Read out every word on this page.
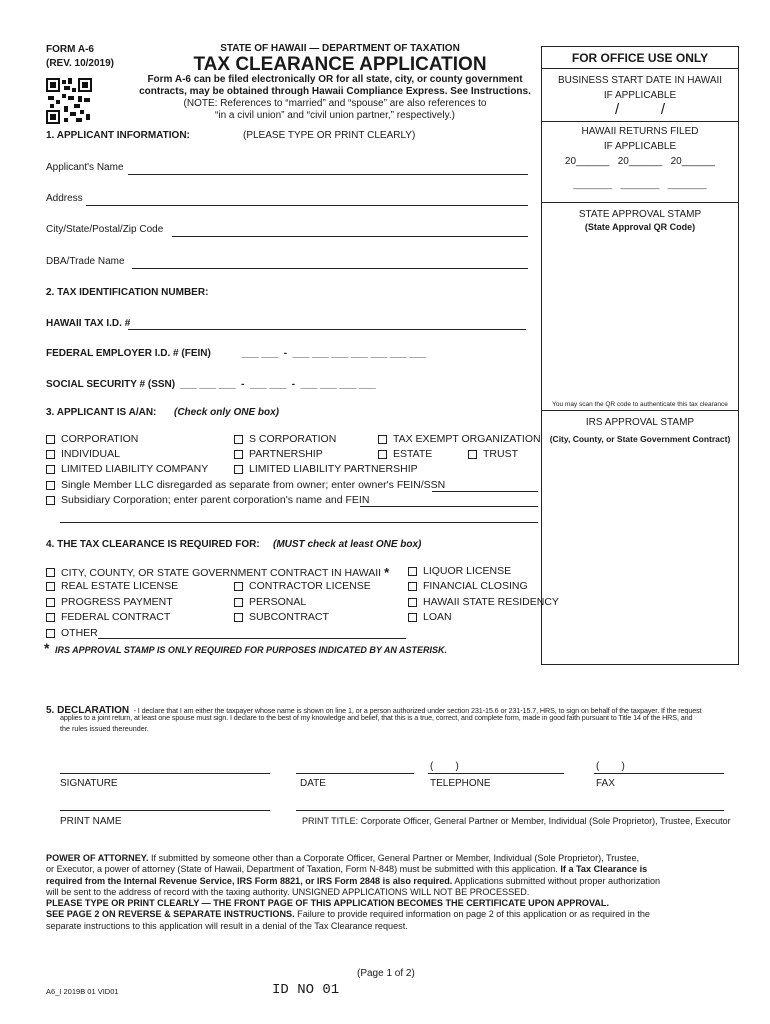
FORM A-6
(REV. 10/2019)
STATE OF HAWAII — DEPARTMENT OF TAXATION
TAX CLEARANCE APPLICATION
Form A-6 can be filed electronically OR for all state, city, or county government
contracts, may be obtained through Hawaii Compliance Express. See Instructions.
(NOTE: References to “married” and “spouse” are also references to
“in a civil union” and “civil union partner,” respectively.)
FOR OFFICE USE ONLY
BUSINESS START DATE IN HAWAII
IF APPLICABLE
/          /
HAWAII RETURNS FILED
IF APPLICABLE
20______   20______   20______
_______   _______   _______
STATE APPROVAL STAMP
(State Approval QR Code)
You may scan the QR code to authenticate this tax clearance
IRS APPROVAL STAMP
(City, County, or State Government Contract)
1. APPLICANT INFORMATION:	(PLEASE TYPE OR PRINT CLEARLY)
Applicant's Name
Address
City/State/Postal/Zip Code
DBA/Trade Name
2. TAX IDENTIFICATION NUMBER:
HAWAII TAX I.D. #
FEDERAL EMPLOYER I.D. # (FEIN)	___ ___  -  ___ ___ ___ ___ ___ ___ ___
SOCIAL SECURITY # (SSN) ___ ___ ___  -  ___ ___  -  ___ ___ ___ ___
3. APPLICANT IS A/AN: (Check only ONE box)
CORPORATION	S CORPORATION	TAX EXEMPT ORGANIZATION
INDIVIDUAL	PARTNERSHIP	ESTATE	TRUST
LIMITED LIABILITY COMPANY	LIMITED LIABILITY PARTNERSHIP
Single Member LLC disregarded as separate from owner; enter owner's FEIN/SSN
Subsidiary Corporation; enter parent corporation's name and FEIN
4. THE TAX CLEARANCE IS REQUIRED FOR: (MUST check at least ONE box)
CITY, COUNTY, OR STATE GOVERNMENT CONTRACT IN HAWAII *	LIQUOR LICENSE
REAL ESTATE LICENSE	CONTRACTOR LICENSE	FINANCIAL CLOSING
PROGRESS PAYMENT	PERSONAL	HAWAII STATE RESIDENCY
FEDERAL CONTRACT	SUBCONTRACT	LOAN
OTHER
* IRS APPROVAL STAMP IS ONLY REQUIRED FOR PURPOSES INDICATED BY AN ASTERISK.
5. DECLARATION - I declare that I am either the taxpayer whose name is shown on line 1, or a person authorized under section 231-15.6 or 231-15.7, HRS, to sign on behalf of the taxpayer. If the request
applies to a joint return, at least one spouse must sign. I declare to the best of my knowledge and belief, that this is a true, correct, and complete form, made in good faith pursuant to Title 14 of the HRS, and
the rules issued thereunder.
(        )	(        )
SIGNATURE	DATE	TELEPHONE	FAX
PRINT NAME	PRINT TITLE: Corporate Officer, General Partner or Member, Individual (Sole Proprietor), Trustee, Executor
POWER OF ATTORNEY. If submitted by someone other than a Corporate Officer, General Partner or Member, Individual (Sole Proprietor), Trustee,
or Executor, a power of attorney (State of Hawaii, Department of Taxation, Form N-848) must be submitted with this application. If a Tax Clearance is
required from the Internal Revenue Service, IRS Form 8821, or IRS Form 2848 is also required. Applications submitted without proper authorization
will be sent to the address of record with the taxing authority. UNSIGNED APPLICATIONS WILL NOT BE PROCESSED.
PLEASE TYPE OR PRINT CLEARLY — THE FRONT PAGE OF THIS APPLICATION BECOMES THE CERTIFICATE UPON APPROVAL.
SEE PAGE 2 ON REVERSE & SEPARATE INSTRUCTIONS. Failure to provide required information on page 2 of this application or as required in the
separate instructions to this application will result in a denial of the Tax Clearance request.
(Page 1 of 2)
A6_I 2019B 01 VID01	ID NO 01
